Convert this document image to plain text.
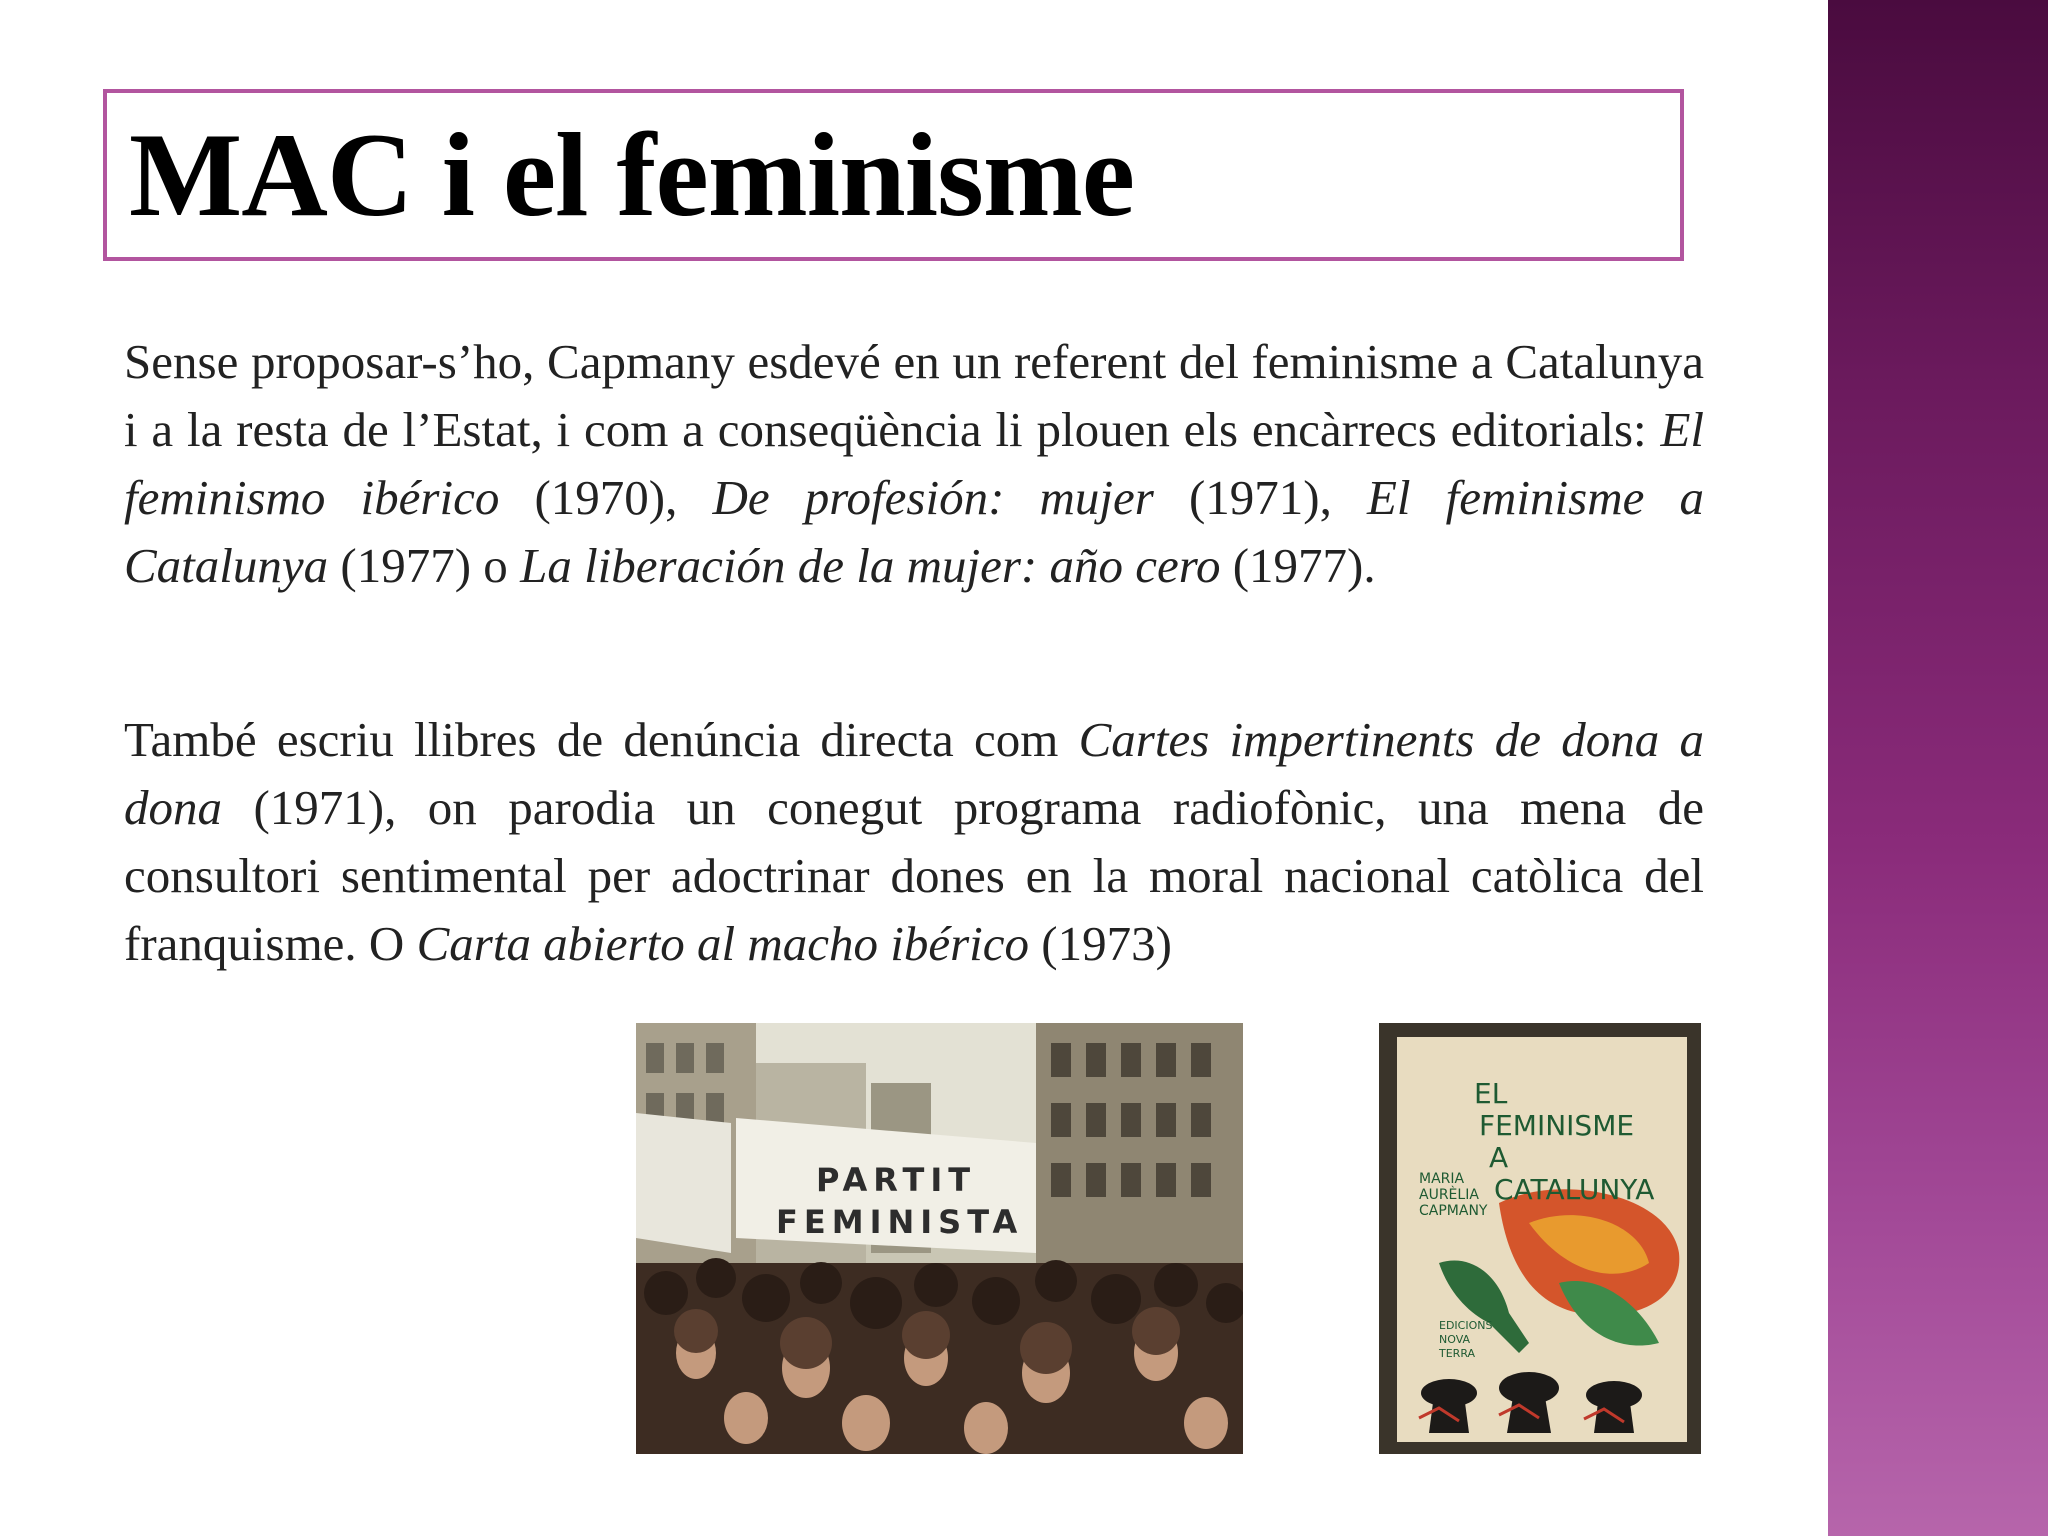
MAC i el feminisme

Sense proposar-s’ho, Capmany esdevé en un referent del feminisme a Catalunya i a la resta de l’Estat, i com a conseqüència li plouen els encàrrecs editorials: El feminismo ibérico (1970), De profesión: mujer (1971), El feminisme a Catalunya (1977) o La liberación de la mujer: año cero (1977).

També escriu llibres de denúncia directa com Cartes impertinents de dona a dona (1971), on parodia un conegut programa radiofònic, una mena de consultori sentimental per adoctrinar dones en la moral nacional catòlica del franquisme. O Carta abierto al macho ibérico (1973)

PARTIT
FEMINISTA
EL
FEMINISME
A
MARIA
AURÈLIA
CAPMANY
CATALUNYA
EDICIONS
NOVA
TERRA
